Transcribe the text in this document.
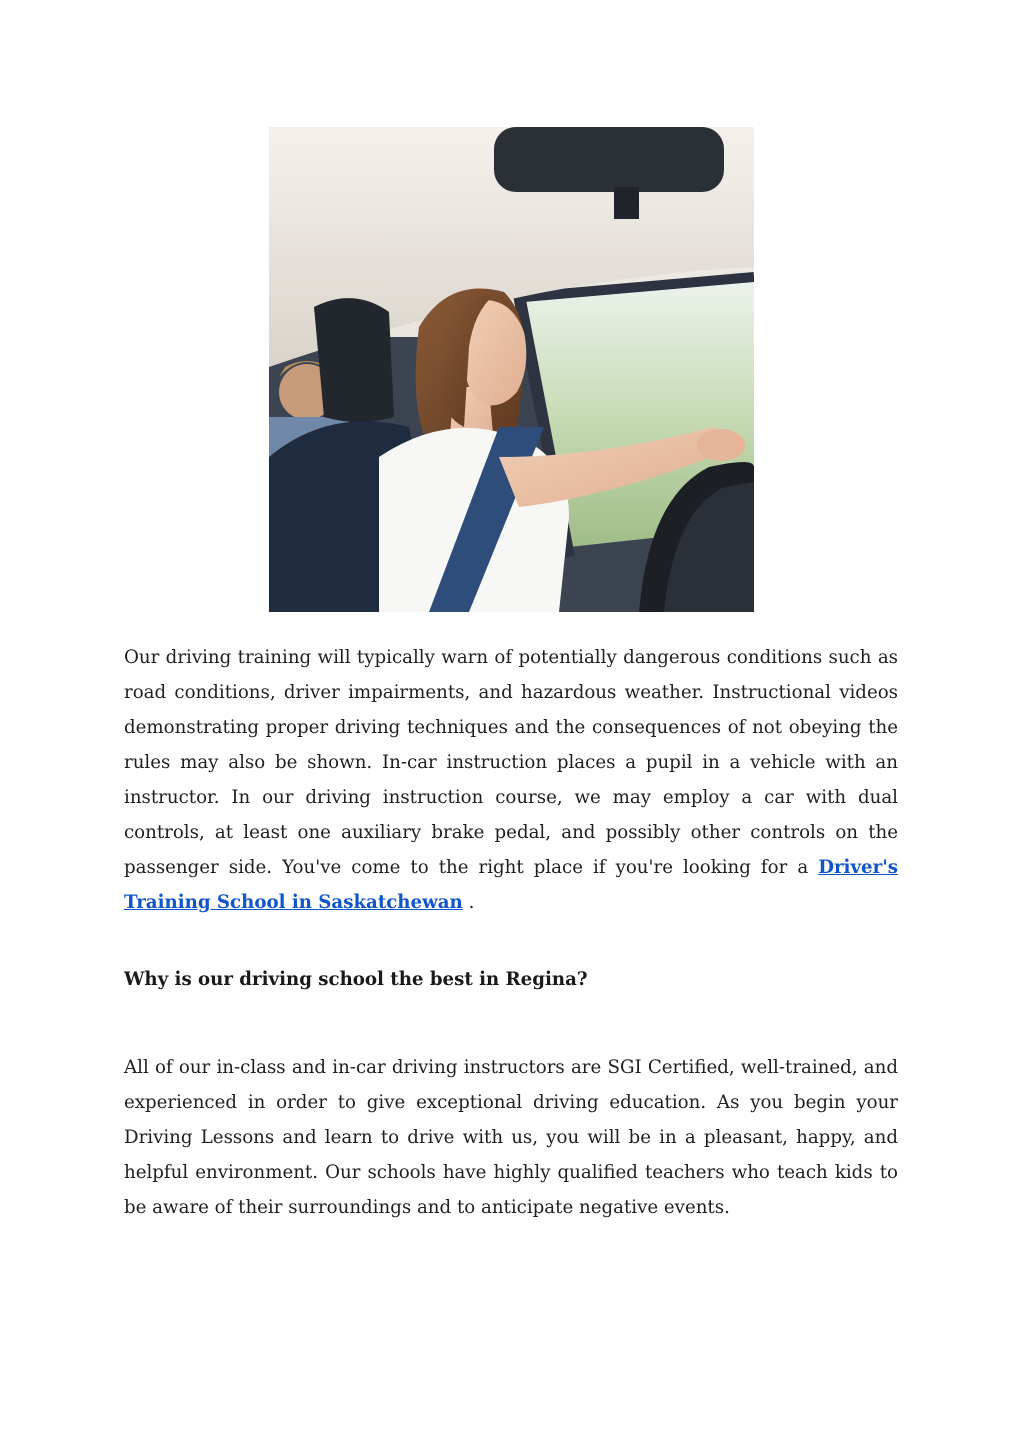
Our driving training will typically warn of potentially dangerous conditions such as road conditions, driver impairments, and hazardous weather. Instructional videos demonstrating proper driving techniques and the consequences of not obeying the rules may also be shown. In-car instruction places a pupil in a vehicle with an instructor. In our driving instruction course, we may employ a car with dual controls, at least one auxiliary brake pedal, and possibly other controls on the passenger side. You've come to the right place if you're looking for a Driver's Training School in Saskatchewan .

Why is our driving school the best in Regina?

All of our in-class and in-car driving instructors are SGI Certified, well-trained, and experienced in order to give exceptional driving education. As you begin your Driving Lessons and learn to drive with us, you will be in a pleasant, happy, and helpful environment. Our schools have highly qualified teachers who teach kids to be aware of their surroundings and to anticipate negative events.
